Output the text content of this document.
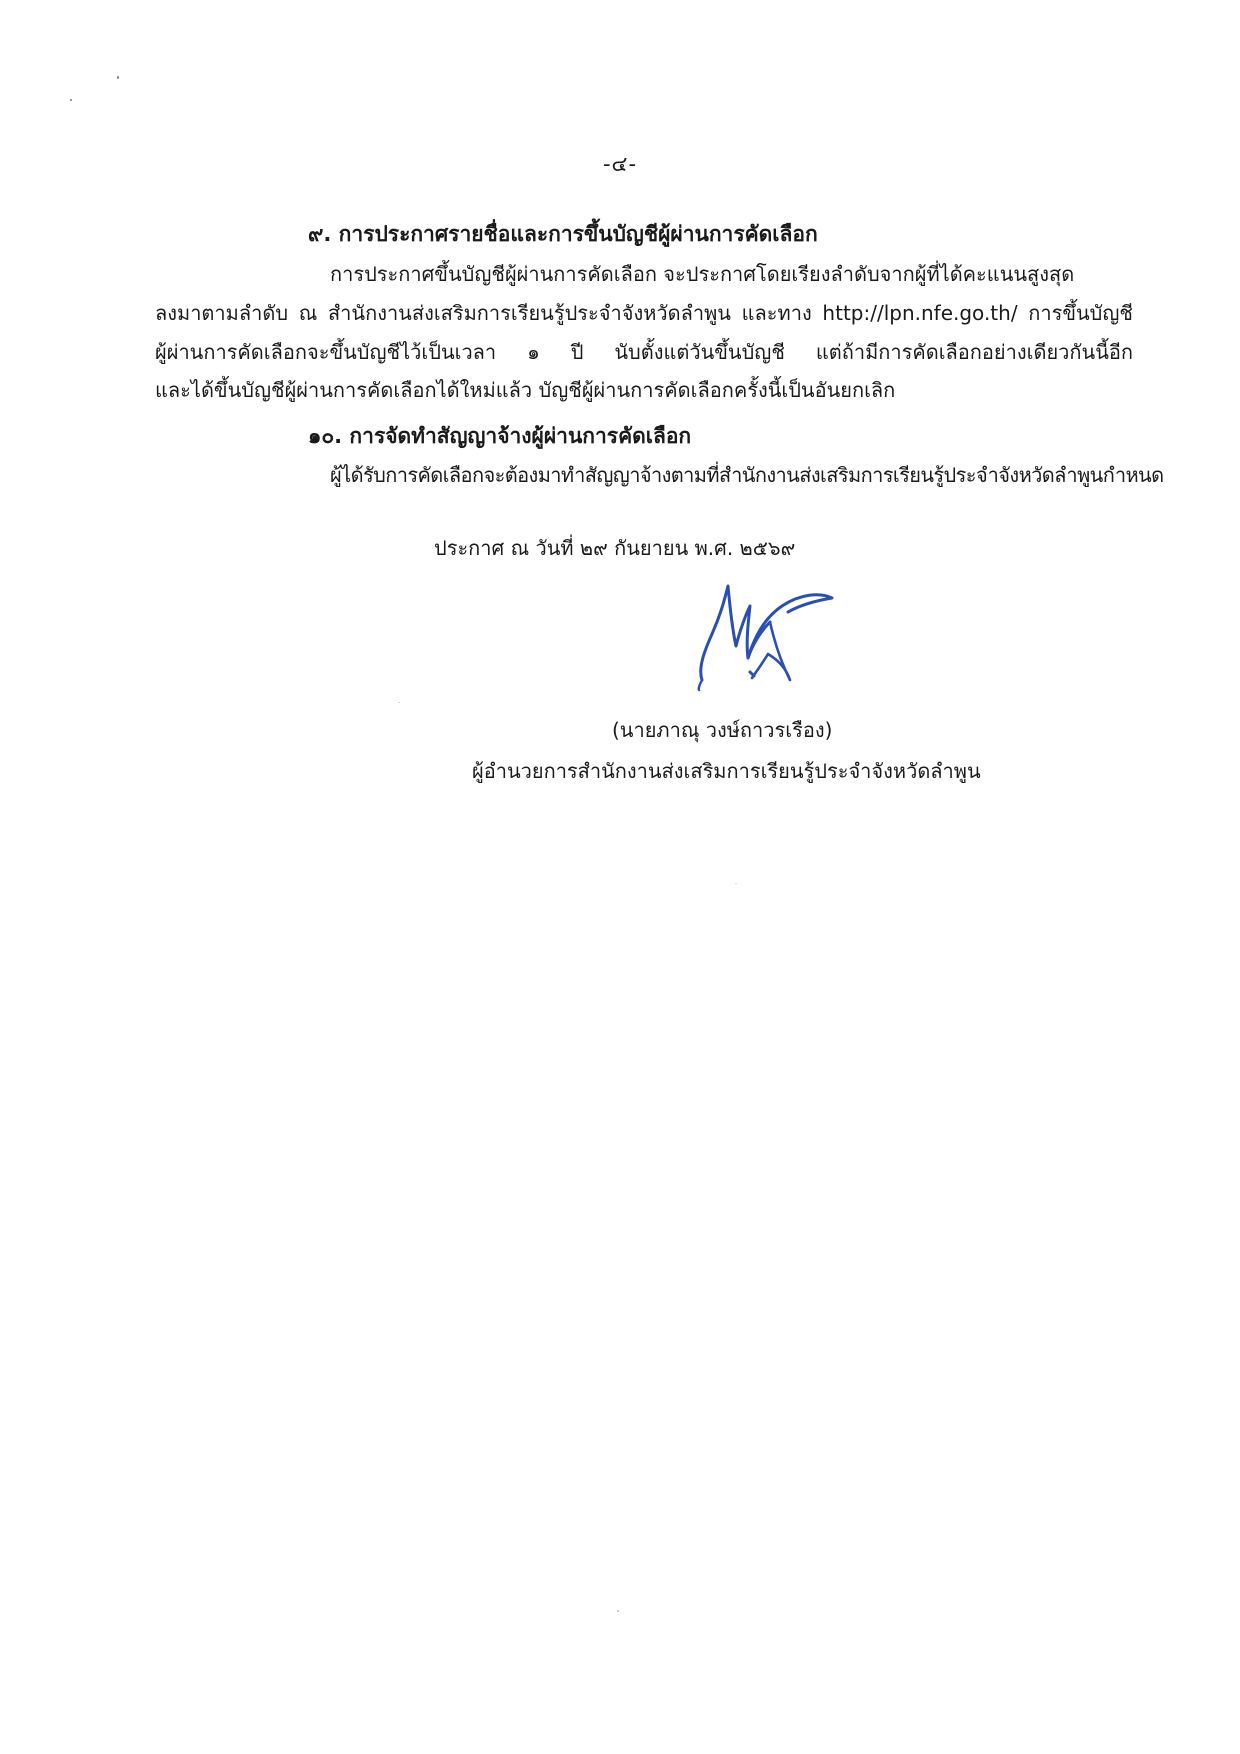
-๔-
๙. การประกาศรายชื่อและการขึ้นบัญชีผู้ผ่านการคัดเลือก
การประกาศขึ้นบัญชีผู้ผ่านการคัดเลือก จะประกาศโดยเรียงลำดับจากผู้ที่ได้คะแนนสูงสุด
ลงมาตามลำดับ ณ สำนักงานส่งเสริมการเรียนรู้ประจำจังหวัดลำพูน และทาง http://lpn.nfe.go.th/ การขึ้นบัญชี
ผู้ผ่านการคัดเลือกจะขึ้นบัญชีไว้เป็นเวลา ๑ ปี นับตั้งแต่วันขึ้นบัญชี แต่ถ้ามีการคัดเลือกอย่างเดียวกันนี้อีก
และได้ขึ้นบัญชีผู้ผ่านการคัดเลือกได้ใหม่แล้ว บัญชีผู้ผ่านการคัดเลือกครั้งนี้เป็นอันยกเลิก
๑๐. การจัดทำสัญญาจ้างผู้ผ่านการคัดเลือก
ผู้ได้รับการคัดเลือกจะต้องมาทำสัญญาจ้างตามที่สำนักงานส่งเสริมการเรียนรู้ประจำจังหวัดลำพูนกำหนด
ประกาศ ณ วันที่ ๒๙ กันยายน พ.ศ. ๒๕๖๙
(นายภาณุ วงษ์ถาวรเรือง)
ผู้อำนวยการสำนักงานส่งเสริมการเรียนรู้ประจำจังหวัดลำพูน
